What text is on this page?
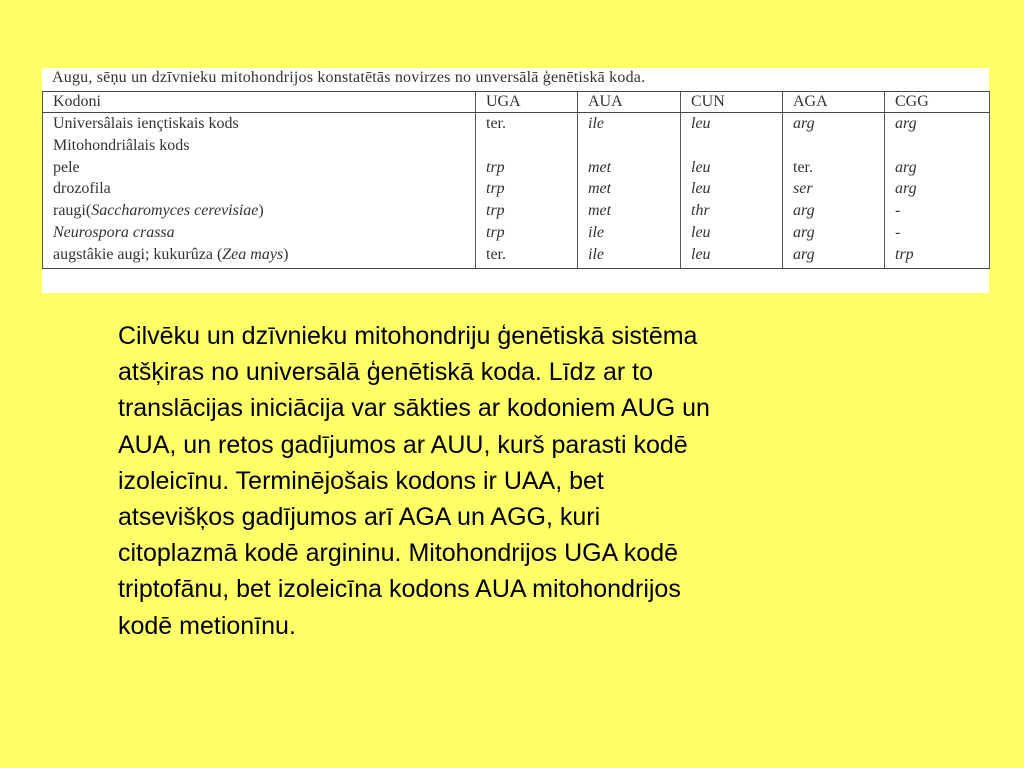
Augu, sēņu un dzīvnieku mitohondrijos konstatētās novirzes no unversālā ģenētiskā koda.
Kodoni	UGA	AUA	CUN	AGA	CGG
Universâlais iençtiskais kods	ter.	ile	leu	arg	arg
Mitohondriâlais kods					
pele	trp	met	leu	ter.	arg
drozofila	trp	met	leu	ser	arg
raugi(Saccharomyces cerevisiae)	trp	met	thr	arg	-
Neurospora crassa	trp	ile	leu	arg	-
augstâkie augi; kukurûza (Zea mays)	ter.	ile	leu	arg	trp
Cilvēku un dzīvnieku mitohondriju ģenētiskā sistēma
atšķiras no universālā ģenētiskā koda. Līdz ar to
translācijas iniciācija var sākties ar kodoniem AUG un
AUA, un retos gadījumos ar AUU, kurš parasti kodē
izoleicīnu. Terminējošais kodons ir UAA, bet
atsevišķos gadījumos arī AGA un AGG, kuri
citoplazmā kodē argininu. Mitohondrijos UGA kodē
triptofānu, bet izoleicīna kodons AUA mitohondrijos
kodē metionīnu.
